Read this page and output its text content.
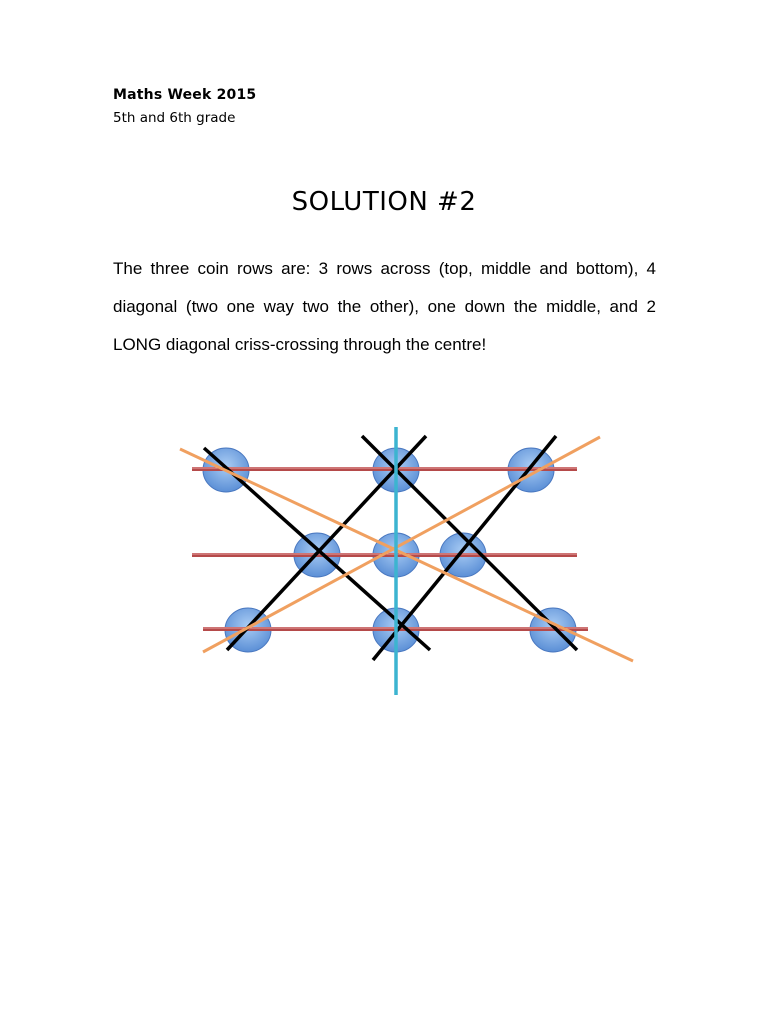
Maths Week 2015
5th and 6th grade
SOLUTION #2
The three coin rows are: 3 rows across (top, middle and bottom), 4 diagonal (two one way two the other), one down the middle, and 2 LONG diagonal criss-crossing through the centre!
